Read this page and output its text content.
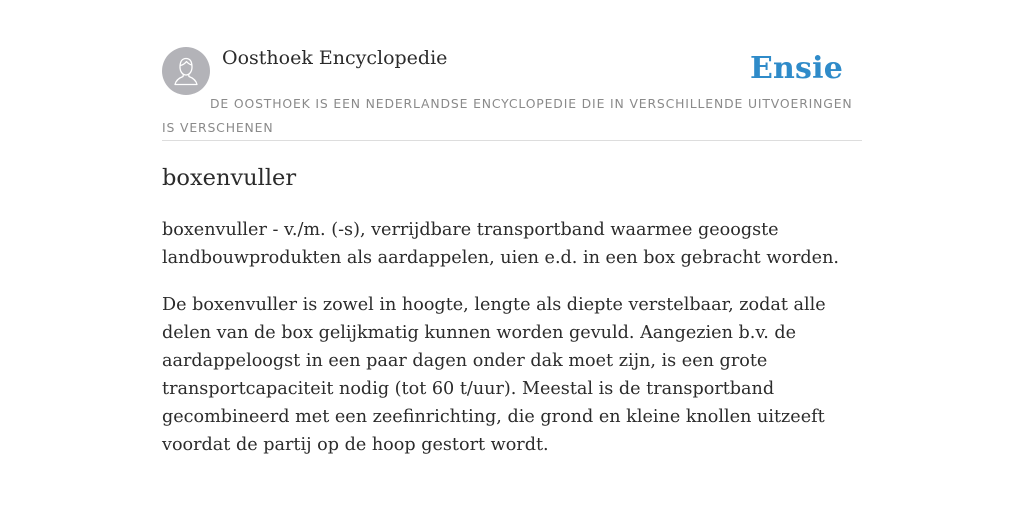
Oosthoek Encyclopedie	Ensie
DE OOSTHOEK IS EEN NEDERLANDSE ENCYCLOPEDIE DIE IN VERSCHILLENDE UITVOERINGEN IS VERSCHENEN
boxenvuller

boxenvuller - v./m. (-s), verrijdbare transportband waarmee geoogste landbouwprodukten als aardappelen, uien e.d. in een box gebracht worden.

De boxenvuller is zowel in hoogte, lengte als diepte verstelbaar, zodat alle delen van de box gelijkmatig kunnen worden gevuld. Aangezien b.v. de aardappeloogst in een paar dagen onder dak moet zijn, is een grote transportcapaciteit nodig (tot 60 t/uur). Meestal is de transportband gecombineerd met een zeefinrichting, die grond en kleine knollen uitzeeft voordat de partij op de hoop gestort wordt.
